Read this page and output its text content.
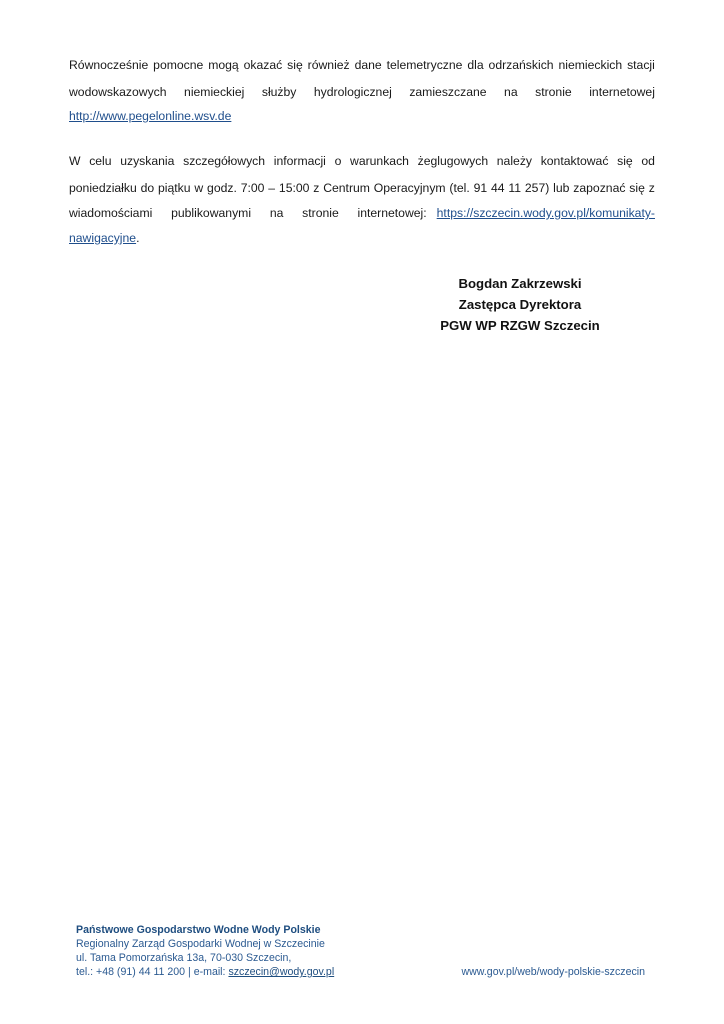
Równocześnie pomocne mogą okazać się również dane telemetryczne dla odrzańskich niemieckich stacji
wodowskazowych niemieckiej służby hydrologicznej zamieszczane na stronie internetowej
http://www.pegelonline.wsv.de
W celu uzyskania szczegółowych informacji o warunkach żeglugowych należy kontaktować się od
poniedziałku do piątku w godz. 7:00 – 15:00 z Centrum Operacyjnym (tel. 91 44 11 257) lub zapoznać się z
wiadomościami publikowanymi na stronie internetowej: https://szczecin.wody.gov.pl/komunikaty-
nawigacyjne.
Bogdan Zakrzewski
Zastępca Dyrektora
PGW WP RZGW Szczecin
Państwowe Gospodarstwo Wodne Wody Polskie
Regionalny Zarząd Gospodarki Wodnej w Szczecinie
ul. Tama Pomorzańska 13a, 70-030 Szczecin,
tel.: +48 (91) 44 11 200 | e-mail: szczecin@wody.gov.pl	www.gov.pl/web/wody-polskie-szczecin
